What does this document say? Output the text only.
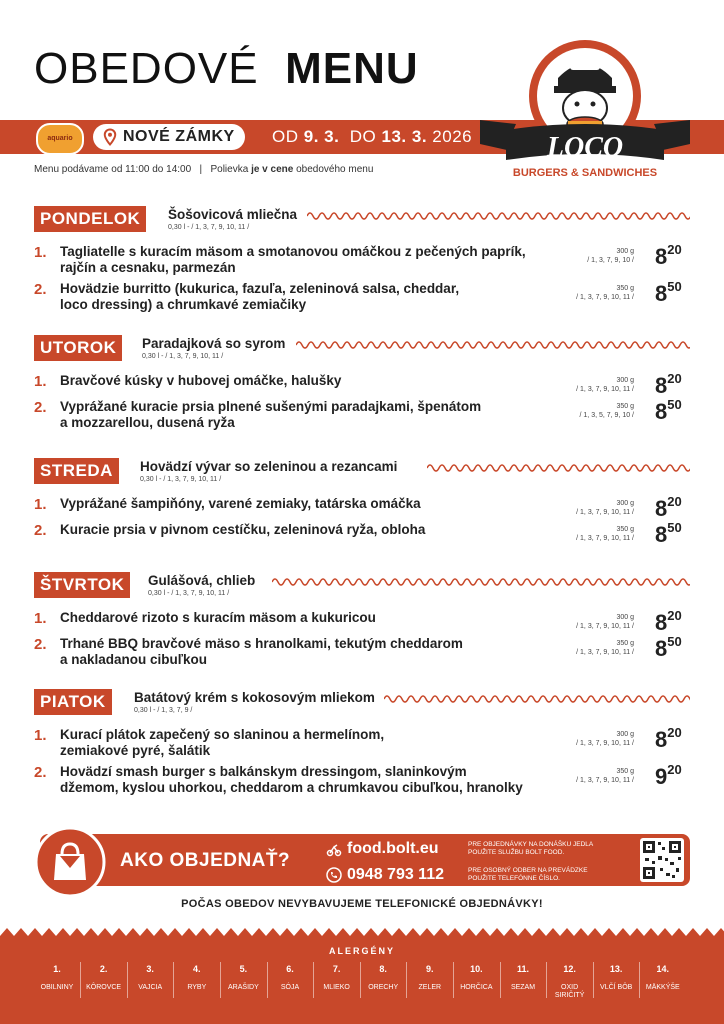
OBEDOVÉ MENU
aquario	NOVÉ ZÁMKY OD 9. 3. DO 13. 3. 2026
Menu podávame od 11:00 do 14:00 | Polievka je v cene obedového menu
LOCO
BURGERS & SANDWICHES
PONDELOK	Šošovicová mliečna
0,30 l - / 1, 3, 7, 9, 10, 11 /
1. Tagliatelle s kuracím mäsom a smotanovou omáčkou z pečených paprík,
rajčín a cesnaku, parmezán
300 g
/ 1, 3, 7, 9, $10 / 8^{20}$
2. Hovädzie burritto (kukurica, fazuľa, zeleninová salsa, cheddar,
loco dressing) a chrumkavé zemiačiky
350 g
/ 1, 3, 7, 9, 10, $11 / 8^{50}$
UTOROK	Paradajková so syrom
0,30 l - / 1, 3, 7, 9, 10, 11 /
1. Bravčové kúsky v hubovej omáčke, halušky	300 g
/ 1, 3, 7, 9, 10, $11 / 8^{20}$
2. Vyprážané kuracie prsia plnené sušenými paradajkami, špenátom
a mozzarellou, dusená ryža
350 g
/ 1, 3, 5, 7, 9, $10 / 8^{50}$
STREDA	Hovädzí vývar so zeleninou a rezancami
0,30 l - / 1, 3, 7, 9, 10, 11 /
1. Vyprážané šampiňóny, varené zemiaky, tatárska omáčka	300 g
/ 1, 3, 7, 9, 10, $11 / 8^{20}$
2. Kuracie prsia v pivnom cestíčku, zeleninová ryža, obloha	350 g
/ 1, 3, 7, 9, 10, $11 / 8^{50}$
ŠTVRTOK	Gulášová, chlieb
0,30 l - / 1, 3, 7, 9, 10, 11 /
1. Cheddarové rizoto s kuracím mäsom a kukuricou	300 g
/ 1, 3, 7, 9, 10, $11 / 8^{20}$
2. Trhané BBQ bravčové mäso s hranolkami, tekutým cheddarom
a nakladanou cibuľkou
350 g
/ 1, 3, 7, 9, 10, $11 / 8^{50}$
PIATOK	Batátový krém s kokosovým mliekom
0,30 l - / 1, 3, 7, 9 /
1. Kurací plátok zapečený so slaninou a hermelínom,
zemiakové pyré, šalátik
300 g
/ 1, 3, 7, 9, 10, $11 / 8^{20}$
2. Hovädzí smash burger s balkánskym dressingom, slaninkovým
džemom, kyslou uhorkou, cheddarom a chrumkavou cibuľkou, hranolky
350 g
/ 1, 3, 7, 9, 10, $11 / 9^{20}$
AKO OBJEDNAŤ?
food.bolt.eu	PRE OBJEDNÁVKY NA DONÁŠKU JEDLA
POUŽITE SLUŽBU BOLT FOOD.
0948 793 112	PRE OSOBNÝ ODBER NA PREVÁDZKE
POUŽITE TELEFÓNNE ČÍSLO.
POČAS OBEDOV NEVYBAVUJEME TELEFONICKÉ OBJEDNÁVKY!
ALERGÉNY
1.
OBILNINY
2.
KÔROVCE
3.
VAJCIA
4.
RYBY
5.
ARAŠIDY
6.
SÓJA
7.
MLIEKO
8.
ORECHY
9.
ZELER
10.
HORČICA
11.
SEZAM
12.
OXID
SIRIČITÝ
13.
VLČÍ BÔB
14.
MÄKKÝŠE
